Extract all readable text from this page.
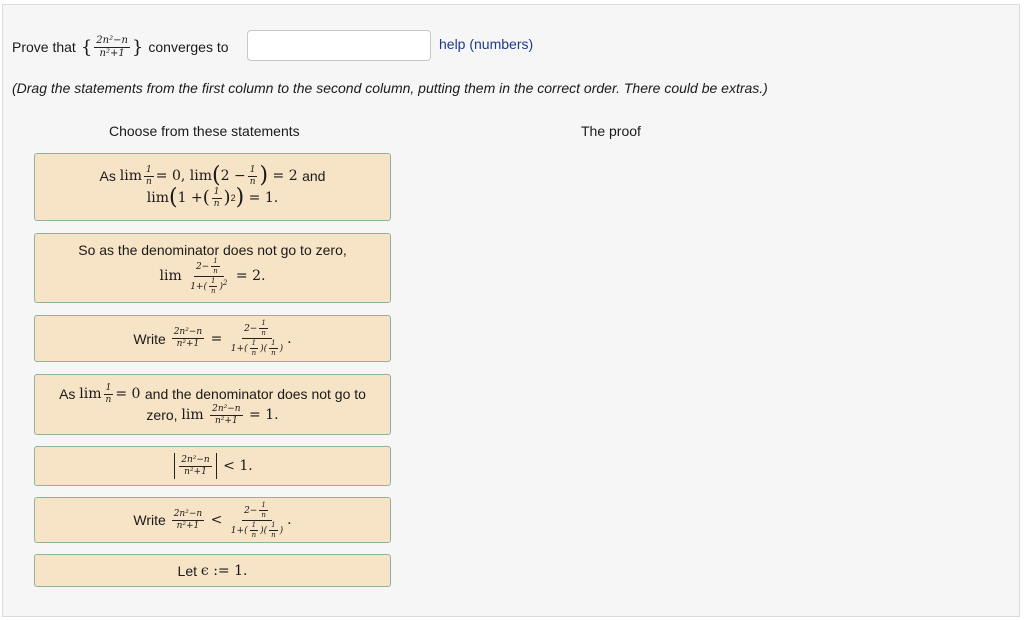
Prove that { $\frac{\text{2n²−n}}{\text{n²+1}}$ } converges to	help (numbers)
(Drag the statements from the first column to the second column, putting them in the correct order. There could be extras.)
Choose from these statements	The proof
As
$\lim \frac{1}{n} = 0$, lim ( $2 - \frac{1}{n}$ ) = 2 and
lim ( 1 + ( $\frac{1}{n}$ ) 2 ) = 1.
So as the denominator does not go to zero,
$\lim \frac{2- \frac{1}{n}}{1+( \frac{1}{n} )^2} = 2$.
Write
$\frac{\text{2n²−n}}{\text{n²+1}} = \frac{2- \frac{1}{n}}{1+( \frac{1}{n} )( \frac{1}{n} )}$ .
As
$\lim \frac{1}{n} = 0$ and the denominator does not go to
zero,
$\lim \frac{\text{2n²−n}}{\text{n²+1}} = 1$.
$\frac{\text{2n²−n}}{\text{n²+1}} < 1$.
Write
$\frac{\text{2n²−n}}{\text{n²+1}} < \frac{2- \frac{1}{n}}{1+( \frac{1}{n} )( \frac{1}{n} )}$ .
Let
ϵ := 1.
